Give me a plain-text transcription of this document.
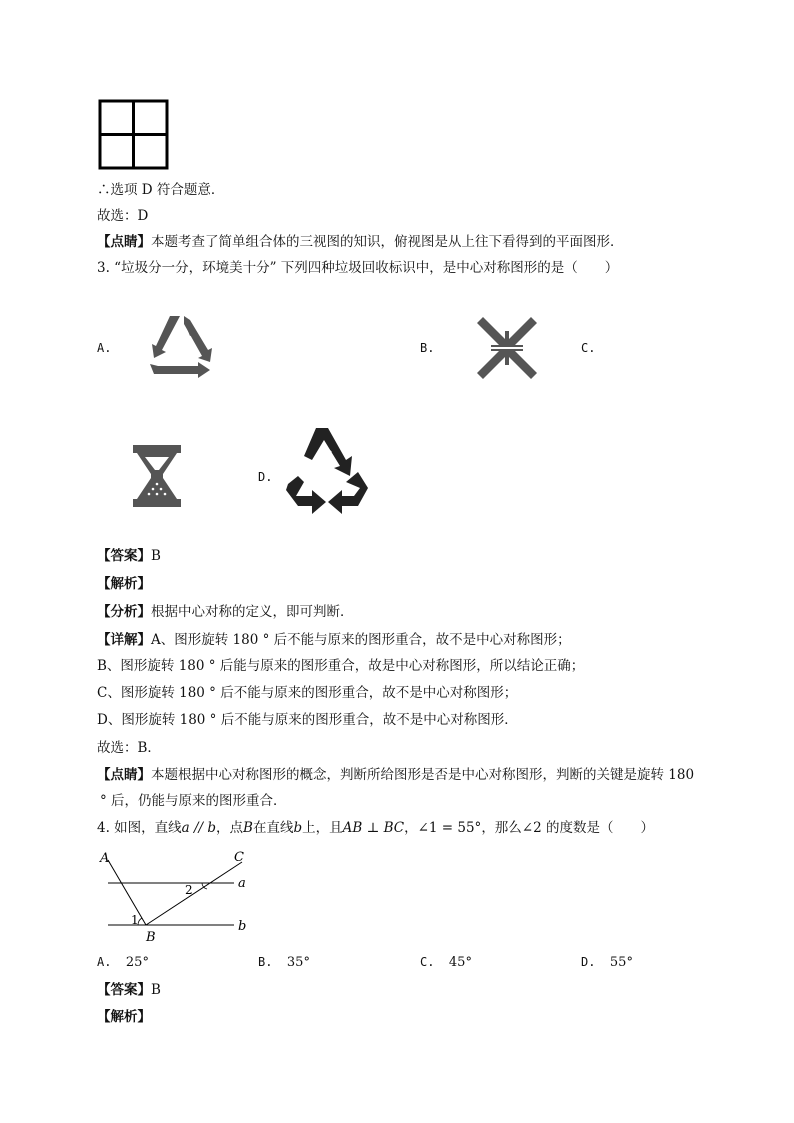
∴选项 D 符合题意．
故选：D
【点睛】本题考查了简单组合体的三视图的知识，俯视图是从上往下看得到的平面图形．
3. “垃圾分一分，环境美十分” 下列四种垃圾回收标识中，是中心对称图形的是（　　）
A.	B.	C.
D.
【答案】B
【解析】
【分析】根据中心对称的定义，即可判断．
【详解】A、图形旋转 180 ° 后不能与原来的图形重合，故不是中心对称图形；
B、图形旋转 180 ° 后能与原来的图形重合，故是中心对称图形，所以结论正确；
C、图形旋转 180 ° 后不能与原来的图形重合，故不是中心对称图形；
D、图形旋转 180 ° 后不能与原来的图形重合，故不是中心对称图形．
故选：B．
【点睛】本题根据中心对称图形的概念，判断所给图形是否是中心对称图形，判断的关键是旋转 180
° 后，仍能与原来的图形重合．
4. 如图，直线a // b，点B在直线b上，且AB ⊥ BC，∠1 = 55°，那么∠2 的度数是（　　）
A	C
a
b
B
1
2
A. 25°	B. 35°	C. 45°	D. 55°
【答案】B
【解析】
